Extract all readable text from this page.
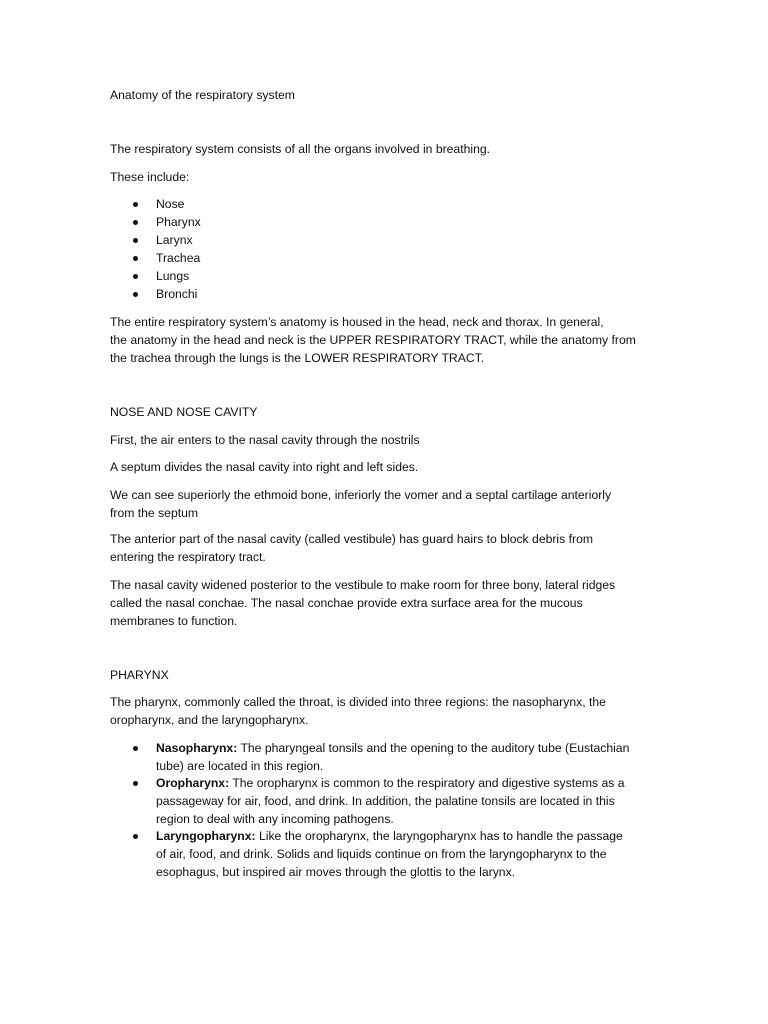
Anatomy of the respiratory system
The respiratory system consists of all the organs involved in breathing.
These include:
Nose
Pharynx
Larynx
Trachea
Lungs
Bronchi
The entire respiratory system’s anatomy is housed in the head, neck and thorax. In general,
the anatomy in the head and neck is the UPPER RESPIRATORY TRACT, while the anatomy from
the trachea through the lungs is the LOWER RESPIRATORY TRACT.
NOSE AND NOSE CAVITY
First, the air enters to the nasal cavity through the nostrils
A septum divides the nasal cavity into right and left sides.
We can see superiorly the ethmoid bone, inferiorly the vomer and a septal cartilage anteriorly
from the septum
The anterior part of the nasal cavity (called vestibule) has guard hairs to block debris from
entering the respiratory tract.
The nasal cavity widened posterior to the vestibule to make room for three bony, lateral ridges
called the nasal conchae. The nasal conchae provide extra surface area for the mucous
membranes to function.
PHARYNX
The pharynx, commonly called the throat, is divided into three regions: the nasopharynx, the
oropharynx, and the laryngopharynx.
Nasopharynx: The pharyngeal tonsils and the opening to the auditory tube (Eustachian
tube) are located in this region.
Oropharynx: The oropharynx is common to the respiratory and digestive systems as a
passageway for air, food, and drink. In addition, the palatine tonsils are located in this
region to deal with any incoming pathogens.
Laryngopharynx: Like the oropharynx, the laryngopharynx has to handle the passage
of air, food, and drink. Solids and liquids continue on from the laryngopharynx to the
esophagus, but inspired air moves through the glottis to the larynx.
